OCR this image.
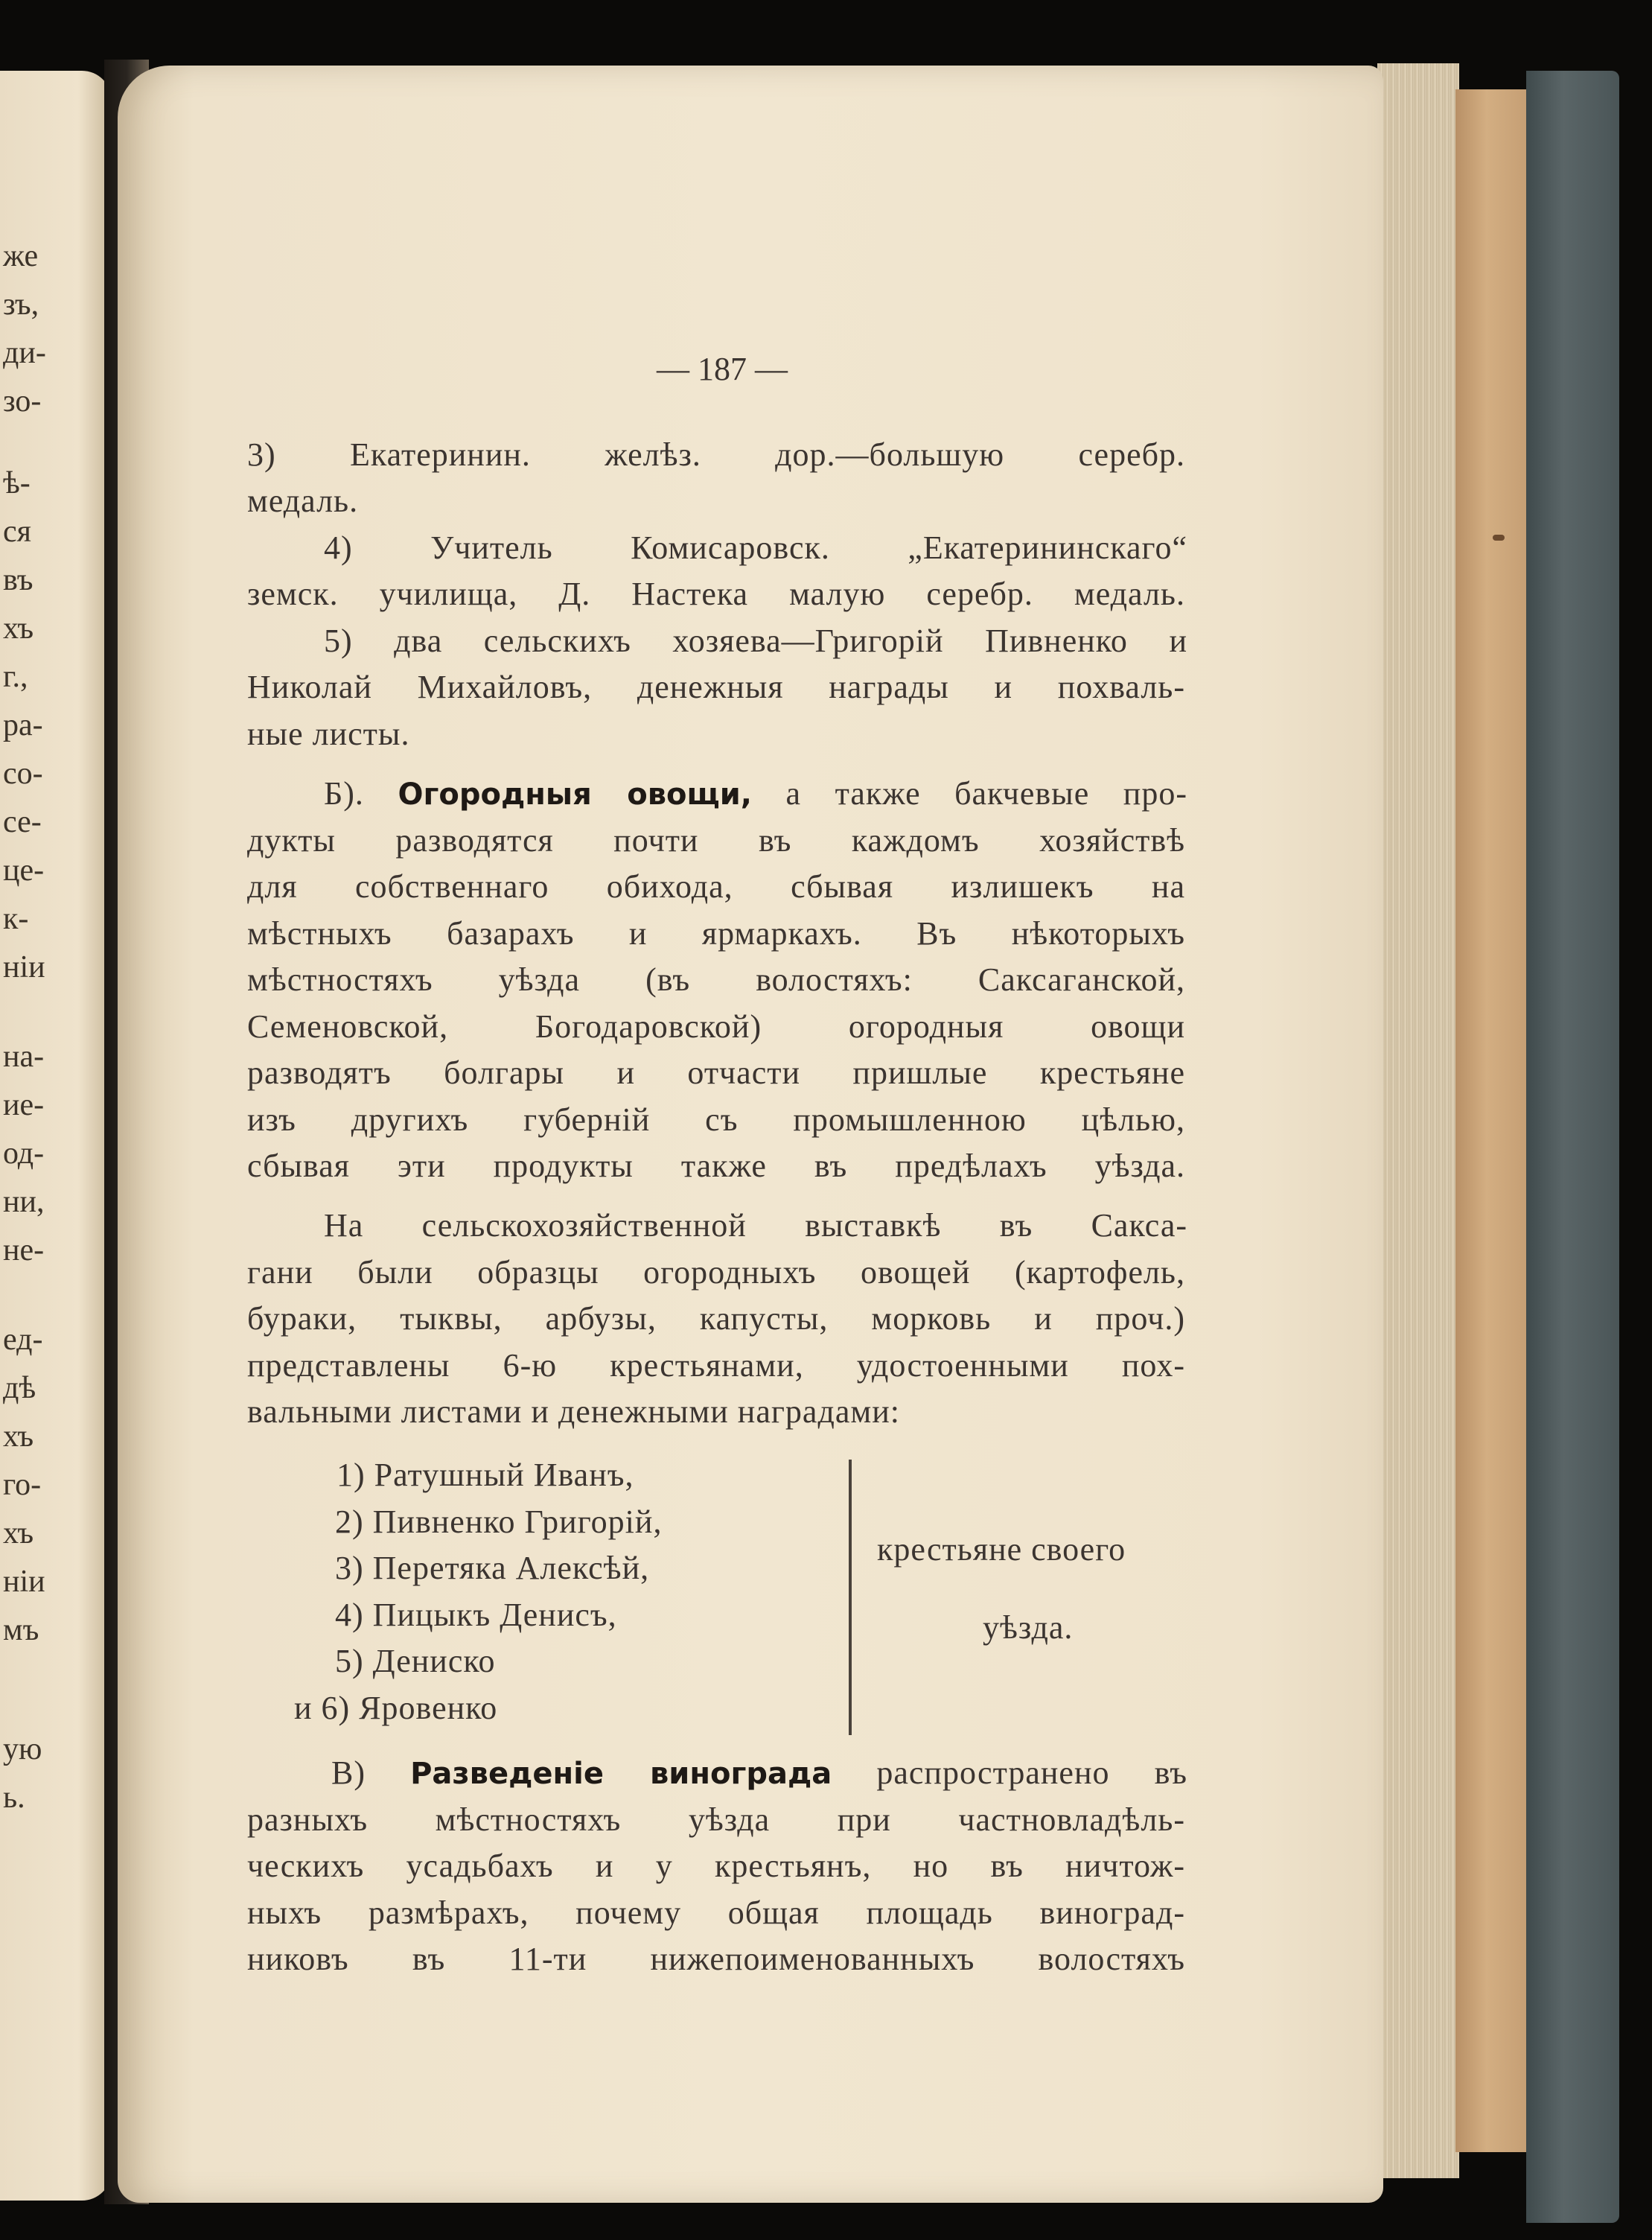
же
зъ,
ди-
зо-
ѣ-
ся
въ
хъ
г.,
ра-
со-
се-
це-
к-
нiи
на-
ие-
од-
ни,
не-
ед-
дѣ
хъ
го-
хъ
нiи
мъ
ую
ь.
— 187 —
3) Екатеринин. желѣз. дор.—большую серебр.
медаль.
4) Учитель Комисаровск. „Екатерининскаго“
земск. училища, Д. Настека малую серебр. медаль.
5) два сельскихъ хозяева—Григорiй Пивненко и
Николай Михайловъ, денежныя награды и похваль-
ные листы.
Б). Огородныя овощи, а также бакчевые про-
дукты разводятся почти въ каждомъ хозяйствѣ
для собственнаго обихода, сбывая излишекъ на
мѣстныхъ базарахъ и ярмаркахъ. Въ нѣкоторыхъ
мѣстностяхъ уѣзда (въ волостяхъ: Саксаганской,
Семеновской, Богодаровской) огородныя овощи
разводятъ болгары и отчасти пришлые крестьяне
изъ другихъ губернiй съ промышленною цѣлью,
сбывая эти продукты также въ предѣлахъ уѣзда.
На сельскохозяйственной выставкѣ въ Сакса-
гани были образцы огородныхъ овощей (картофель,
бураки, тыквы, арбузы, капусты, морковь и проч.)
представлены 6-ю крестьянами, удостоенными пох-
вальными листами и денежными наградами:
1) Ратушный Иванъ,
2) Пивненко Григорiй,
3) Перетяка Алексѣй,
4) Пицыкъ Денисъ,
5) Дениско
и 6) Яровенко
крестьяне своего
уѣзда.
В) Разведенie винограда распространено въ
разныхъ мѣстностяхъ уѣзда при частновладѣль-
ческихъ усадьбахъ и у крестьянъ, но въ ничтож-
ныхъ размѣрахъ, почему общая площадь виноград-
никовъ въ 11-ти нижепоименованныхъ волостяхъ
